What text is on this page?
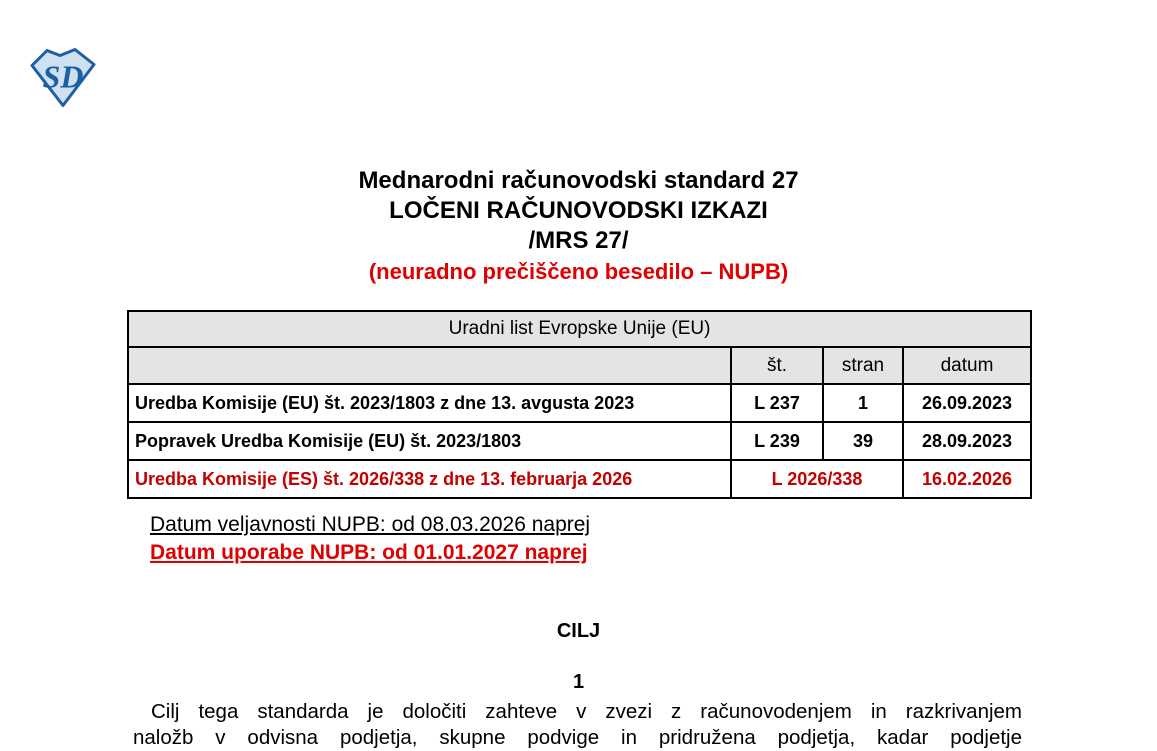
SD
Mednarodni računovodski standard 27
LOČENI RAČUNOVODSKI IZKAZI
/MRS 27/
(neuradno prečiščeno besedilo – NUPB)
Uradni list Evropske Unije (EU)			
	št.	stran	datum
Uredba Komisije (EU) št. 2023/1803 z dne 13. avgusta 2023	L 237	1	26.09.2023
Popravek Uredba Komisije (EU) št. 2023/1803	L 239	39	28.09.2023
Uredba Komisije (ES) št. 2026/338 z dne 13. februarja 2026	L 2026/338		16.02.2026
Datum veljavnosti NUPB: od 08.03.2026 naprej
Datum uporabe NUPB: od 01.01.2027 naprej
CILJ
1
Cilj tega standarda je določiti zahteve v zvezi z računovodenjem in razkrivanjem
naložb v odvisna podjetja, skupne podvige in pridružena podjetja, kadar podjetje
